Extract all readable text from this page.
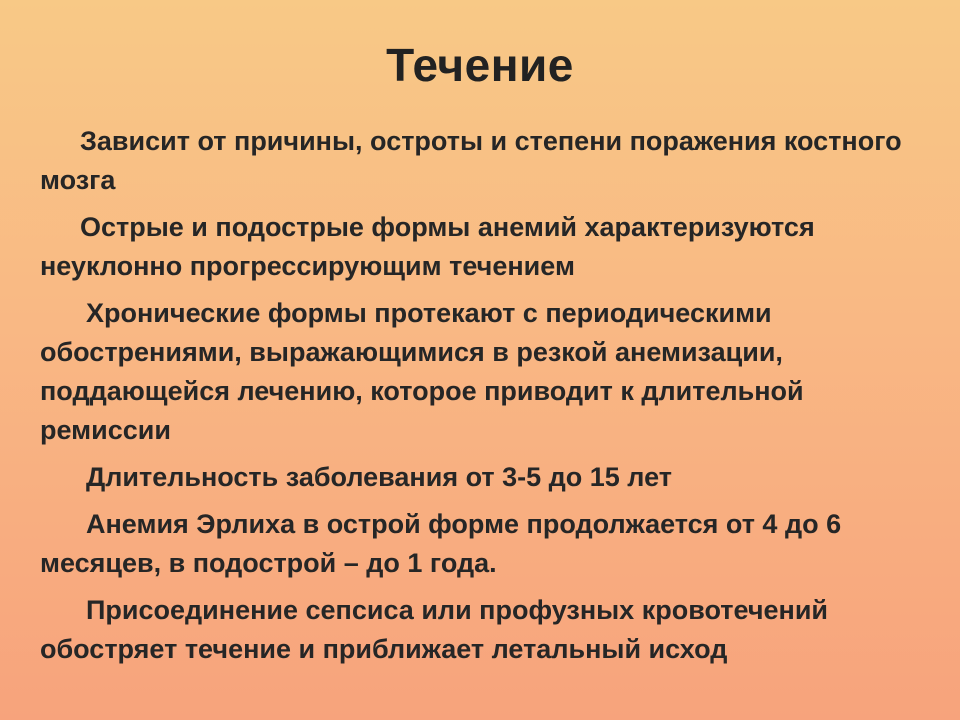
Течение

Зависит от причины, остроты и степени поражения костного мозга

Острые и подострые формы анемий характеризуются неуклонно прогрессирующим течением

Хронические формы протекают с периодическими обострениями, выражающимися в резкой анемизации, поддающейся лечению, которое приводит к длительной ремиссии

Длительность заболевания от 3-5 до 15 лет

Анемия Эрлиха в острой форме продолжается от 4 до 6 месяцев, в подострой – до 1 года.

Присоединение сепсиса или профузных кровотечений обостряет течение и приближает летальный исход
